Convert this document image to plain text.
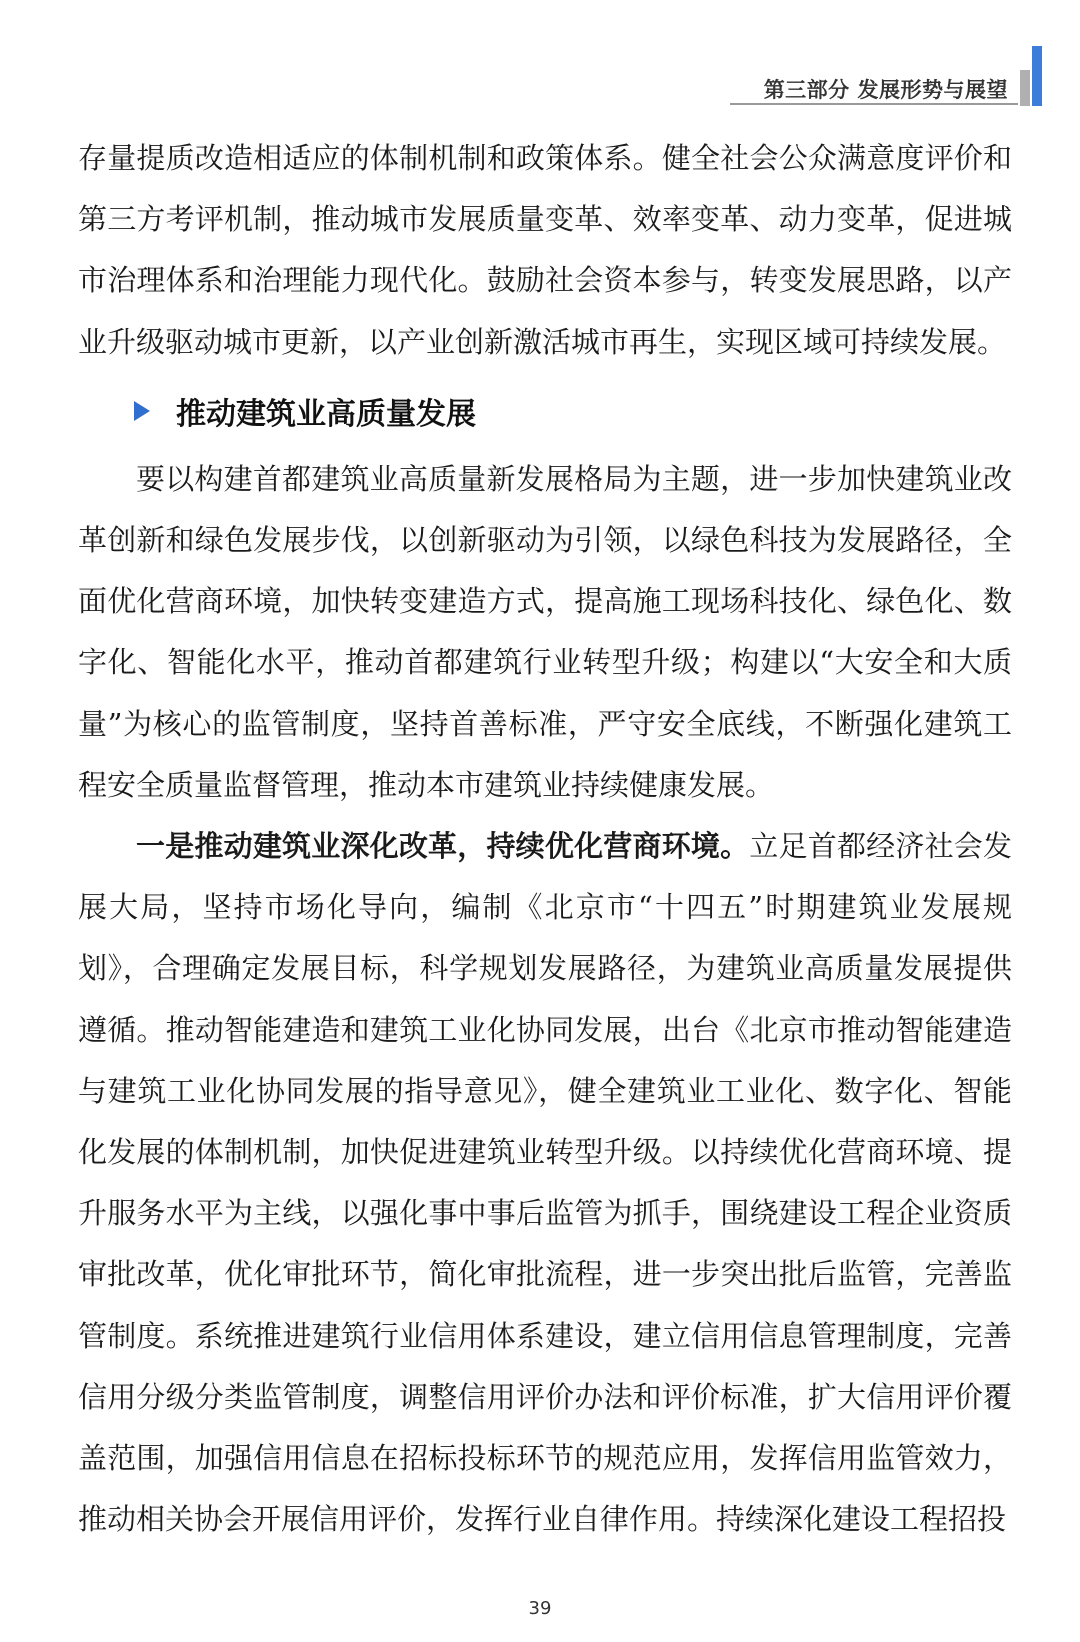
第三部分 发展形势与展望

存量提质改造相适应的体制机制和政策体系。健全社会公众满意度评价和第三方考评机制，推动城市发展质量变革、效率变革、动力变革，促进城市治理体系和治理能力现代化。鼓励社会资本参与，转变发展思路，以产业升级驱动城市更新，以产业创新激活城市再生，实现区域可持续发展。

推动建筑业高质量发展

要以构建首都建筑业高质量新发展格局为主题，进一步加快建筑业改革创新和绿色发展步伐，以创新驱动为引领，以绿色科技为发展路径，全面优化营商环境，加快转变建造方式，提高施工现场科技化、绿色化、数字化、智能化水平，推动首都建筑行业转型升级；构建以“大安全和大质量”为核心的监管制度，坚持首善标准，严守安全底线，不断强化建筑工程安全质量监督管理，推动本市建筑业持续健康发展。

一是推动建筑业深化改革，持续优化营商环境。立足首都经济社会发展大局，坚持市场化导向，编制《北京市“十四五”时期建筑业发展规划》，合理确定发展目标，科学规划发展路径，为建筑业高质量发展提供遵循。推动智能建造和建筑工业化协同发展，出台《北京市推动智能建造与建筑工业化协同发展的指导意见》，健全建筑业工业化、数字化、智能化发展的体制机制，加快促进建筑业转型升级。以持续优化营商环境、提升服务水平为主线，以强化事中事后监管为抓手，围绕建设工程企业资质审批改革，优化审批环节，简化审批流程，进一步突出批后监管，完善监管制度。系统推进建筑行业信用体系建设，建立信用信息管理制度，完善信用分级分类监管制度，调整信用评价办法和评价标准，扩大信用评价覆盖范围，加强信用信息在招标投标环节的规范应用，发挥信用监管效力，推动相关协会开展信用评价，发挥行业自律作用。持续深化建设工程招投

39
